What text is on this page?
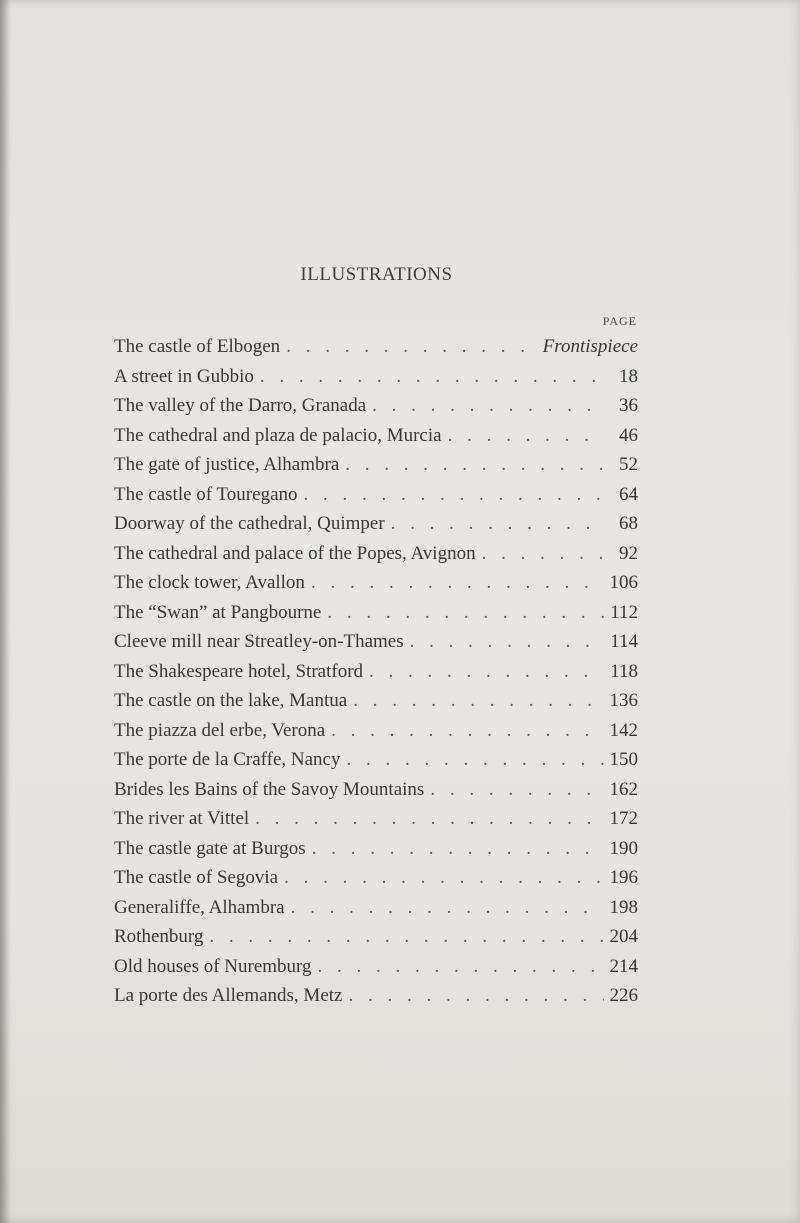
ILLUSTRATIONS
PAGE
The castle of Elbogen . . .	Frontispiece
A street in Gubbio . . .	18
The valley of the Darro, Granada . . .	36
The cathedral and plaza de palacio, Murcia . . .	46
The gate of justice, Alhambra . . .	52
The castle of Touregano . . .	64
Doorway of the cathedral, Quimper . . .	68
The cathedral and palace of the Popes, Avignon . . .	92
The clock tower, Avallon . . .	106
The “Swan” at Pangbourne . . .	112
Cleeve mill near Streatley-on-Thames . . .	114
The Shakespeare hotel, Stratford . . .	118
The castle on the lake, Mantua . . .	136
The piazza del erbe, Verona . . .	142
The porte de la Craffe, Nancy . . .	150
Brides les Bains of the Savoy Mountains . . .	162
The river at Vittel . . .	172
The castle gate at Burgos . . .	190
The castle of Segovia . . .	196
Generaliffe, Alhambra . . .	198
Rothenburg . . .	204
Old houses of Nuremburg . . .	214
La porte des Allemands, Metz . . .	226
